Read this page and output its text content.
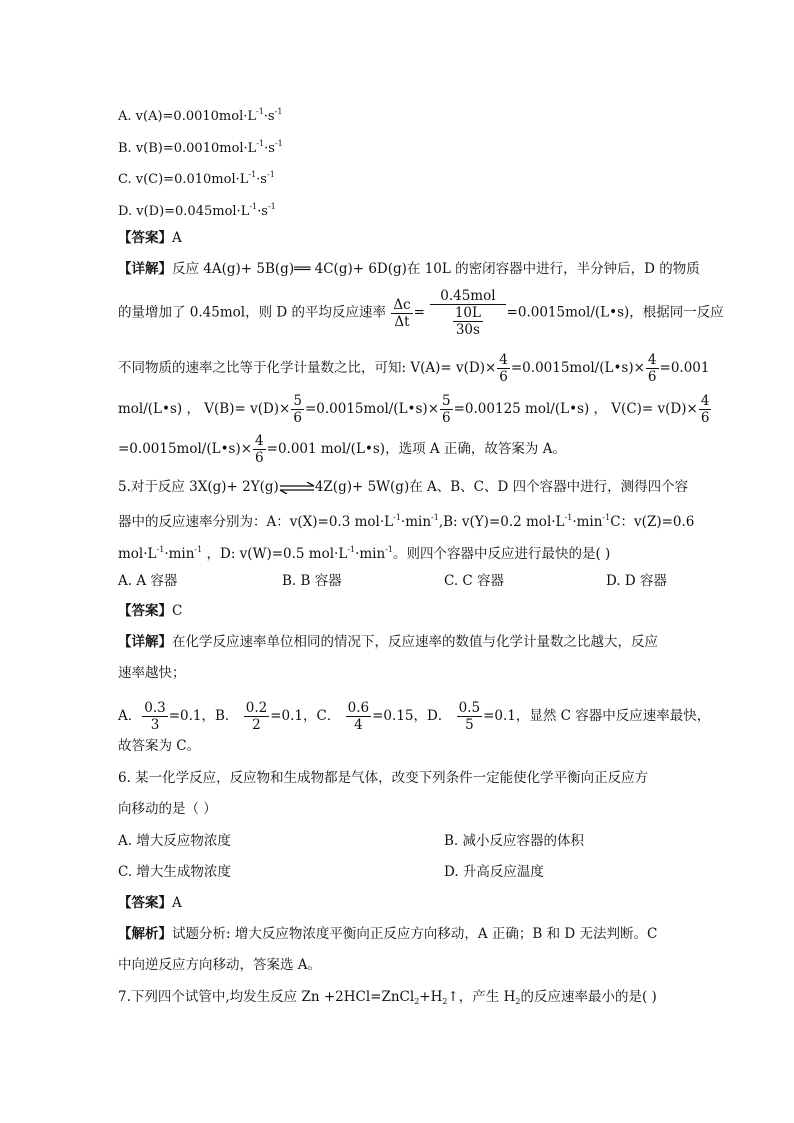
A. $v(A)=0.0010mol\cdot L^{-1}\cdot s^{-1}$
B. $v(B)=0.0010mol\cdot L^{-1}\cdot s^{-1}$
C. $v(C)=0.010mol\cdot L^{-1}\cdot s^{-1}$
D. $v(D)=0.045mol\cdot L^{-1}\cdot s^{-1}$
【答案】A
【详解】反应 4A(g)+ 5B(g)══ 4C(g)+ 6D(g)在 10L 的密闭容器中进行，半分钟后，D 的物质
的量增加了 0.45mol，则 D 的平均反应速率 $\frac{\Delta c}{\Delta t} = \frac{\text{0.45mol}}{\frac{10L}{30s}}$ =0.0015mol/(L•s)，根据同一反应
不同物质的速率之比等于化学计量数之比，可知: $V(A)= v(D)\times \frac{4}{6}$ =0.0015mol/(L•s)× $\frac{4}{6} =0.001$
mol/(L•s) ， $V(B)= v(D)\times \frac{5}{6}$ =0.0015mol/(L•s)× $\frac{5}{6} =0.00125$ mol/(L•s) ， $V(C)= v(D)\times \frac{4}{6}$
=0.0015mol/(L•s)× $\frac{4}{6} =0.001$ mol/(L•s)，选项 A 正确，故答案为 A。
5.对于反应 3X(g)+ 2Y(g)⇌4Z(g)+ 5W(g)在 A、B、C、D 四个容器中进行，测得四个容
器中的反应速率分别为：A：v(X)=0.3 $mol\cdot L^{-1}\cdot\min^{-1},B$: v(Y)=0.2 $mol\cdot L^{-1}\cdot\min^{-1}C$：v(Z)=0.6
$mol\cdot L^{-1}\cdot\min^{-1}$ ，D: v(W)=0.5 $mol\cdot L^{-1}\cdot\min^{-1}$。则四个容器中反应进行最快的是( )
A. A 容器	B. B 容器	C. C 容器	D. D 容器
【答案】C
【详解】在化学反应速率单位相同的情况下，反应速率的数值与化学计量数之比越大，反应
速率越快；
A． $\frac{0.3}{3} =0.1$，B． $\frac{0.2}{2} =0.1$，C． $\frac{0.6}{4} =0.15$，D． $\frac{0.5}{5} =0.1$，显然 C 容器中反应速率最快，
故答案为 C。
6. 某一化学反应，反应物和生成物都是气体，改变下列条件一定能使化学平衡向正反应方
向移动的是（ ）
A. 增大反应物浓度	B. 减小反应容器的体积
C. 增大生成物浓度	D. 升高反应温度
【答案】A
【解析】试题分析: 增大反应物浓度平衡向正反应方向移动，A 正确；B 和 D 无法判断。C
中向逆反应方向移动，答案选 A。
7.下列四个试管中,均发生反应 $Zn +2HCl=ZnCl_2+H_2↑$，产生 $H_2$的反应速率最小的是( )
